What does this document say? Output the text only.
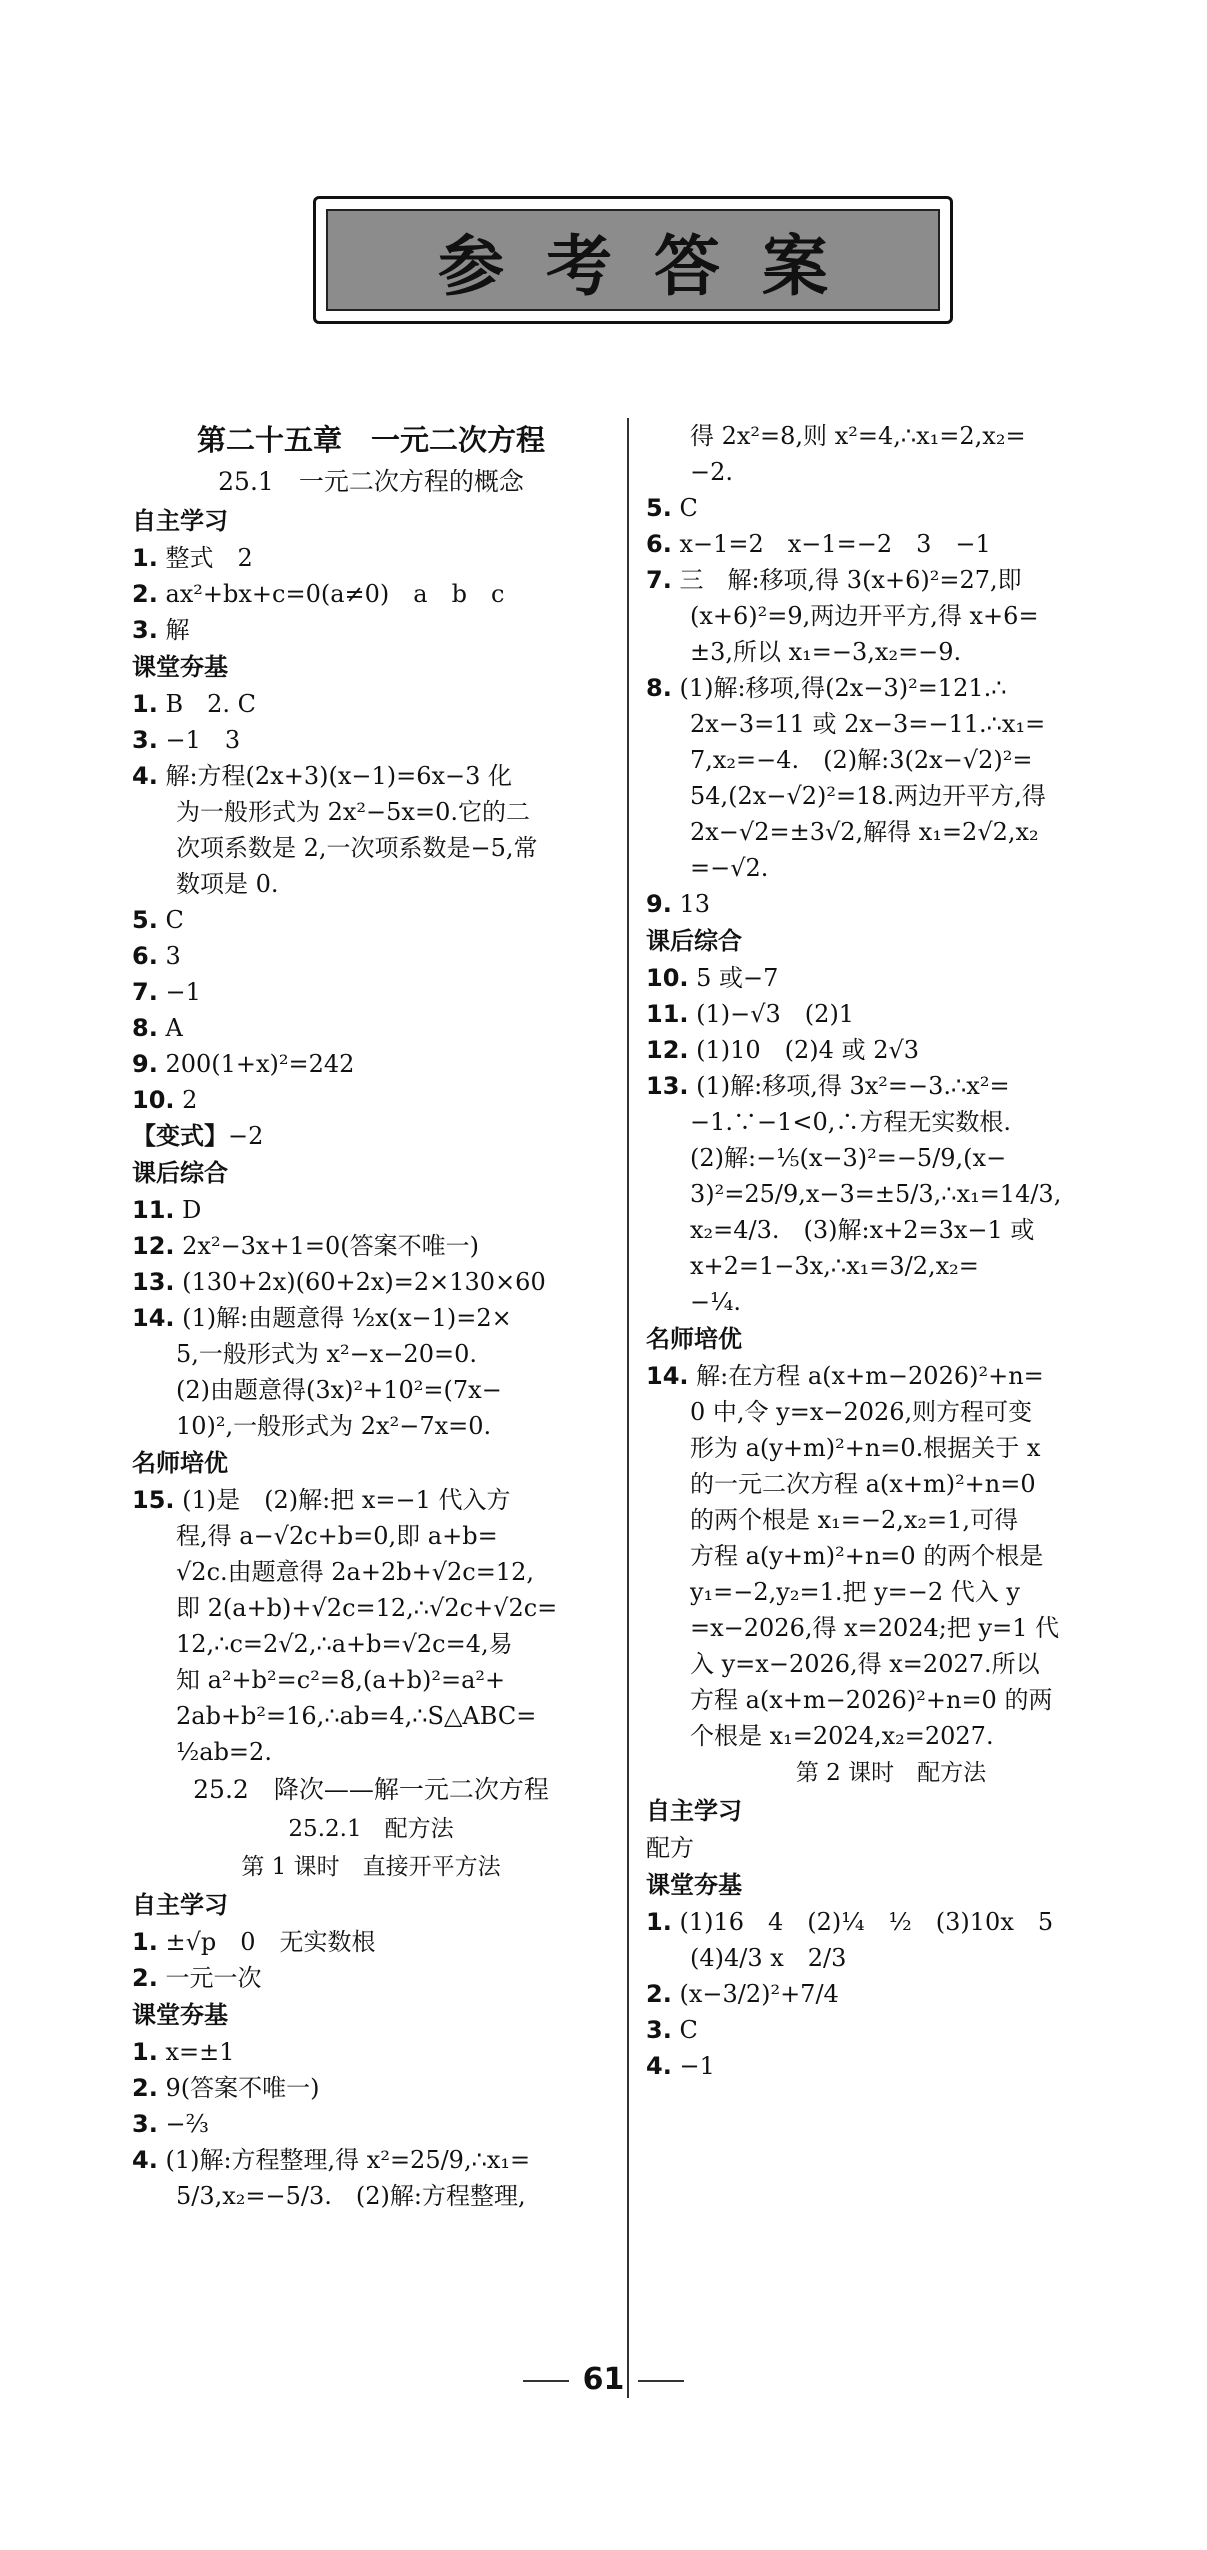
参考答案
第二十五章　一元二次方程
25.1　一元二次方程的概念
自主学习
1. 整式　2
2. ax²+bx+c=0(a≠0)　a　b　c
3. 解
课堂夯基
1. B　2. C
3. −1　3
4. 解:方程(2x+3)(x−1)=6x−3 化
为一般形式为 2x²−5x=0.它的二
次项系数是 2,一次项系数是−5,常
数项是 0.
5. C
6. 3
7. −1
8. A
9. 200(1+x)²=242
10. 2
【变式】−2
课后综合
11. D
12. 2x²−3x+1=0(答案不唯一)
13. (130+2x)(60+2x)=2×130×60
14. (1)解:由题意得 ½x(x−1)=2×
5,一般形式为 x²−x−20=0.
(2)由题意得(3x)²+10²=(7x−
10)²,一般形式为 2x²−7x=0.
名师培优
15. (1)是　(2)解:把 x=−1 代入方
程,得 a−√2c+b=0,即 a+b=
√2c.由题意得 2a+2b+√2c=12,
即 2(a+b)+√2c=12,∴√2c+√2c=
12,∴c=2√2,∴a+b=√2c=4,易
知 a²+b²=c²=8,(a+b)²=a²+
2ab+b²=16,∴ab=4,∴S△ABC=
½ab=2.
25.2　降次——解一元二次方程
25.2.1　配方法
第 1 课时　直接开平方法
自主学习
1. ±√p　0　无实数根
2. 一元一次
课堂夯基
1. x=±1
2. 9(答案不唯一)
3. −⅔
4. (1)解:方程整理,得 x²=25/9,∴x₁=
5/3,x₂=−5/3.　(2)解:方程整理,
得 2x²=8,则 x²=4,∴x₁=2,x₂=
−2.
5. C
6. x−1=2　x−1=−2　3　−1
7. 三　解:移项,得 3(x+6)²=27,即
(x+6)²=9,两边开平方,得 x+6=
±3,所以 x₁=−3,x₂=−9.
8. (1)解:移项,得(2x−3)²=121.∴
2x−3=11 或 2x−3=−11.∴x₁=
7,x₂=−4.　(2)解:3(2x−√2)²=
54,(2x−√2)²=18.两边开平方,得
2x−√2=±3√2,解得 x₁=2√2,x₂
=−√2.
9. 13
课后综合
10. 5 或−7
11. (1)−√3　(2)1
12. (1)10　(2)4 或 2√3
13. (1)解:移项,得 3x²=−3.∴x²=
−1.∵−1<0,∴方程无实数根.
(2)解:−⅕(x−3)²=−5/9,(x−
3)²=25/9,x−3=±5/3,∴x₁=14/3,
x₂=4/3.　(3)解:x+2=3x−1 或
x+2=1−3x,∴x₁=3/2,x₂=
−¼.
名师培优
14. 解:在方程 a(x+m−2026)²+n=
0 中,令 y=x−2026,则方程可变
形为 a(y+m)²+n=0.根据关于 x
的一元二次方程 a(x+m)²+n=0
的两个根是 x₁=−2,x₂=1,可得
方程 a(y+m)²+n=0 的两个根是
y₁=−2,y₂=1.把 y=−2 代入 y
=x−2026,得 x=2024;把 y=1 代
入 y=x−2026,得 x=2027.所以
方程 a(x+m−2026)²+n=0 的两
个根是 x₁=2024,x₂=2027.
第 2 课时　配方法
自主学习
配方
课堂夯基
1. (1)16　4　(2)¼　½　(3)10x　5
(4)4/3 x　2/3
2. (x−3/2)²+7/4
3. C
4. −1
61
